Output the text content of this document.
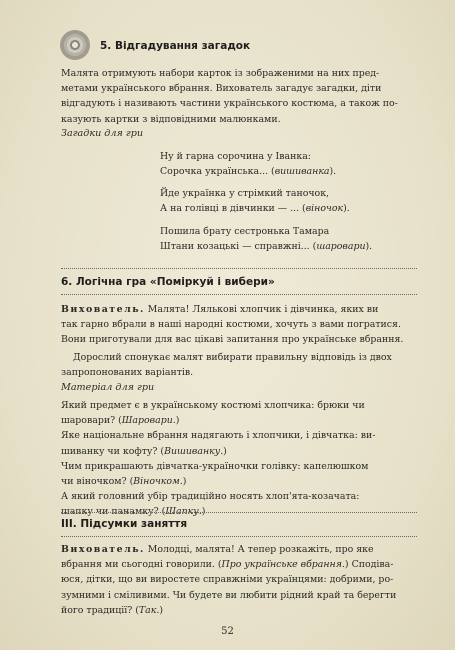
5. Відгадування загадок
Малята отримують набори карток із зображеними на них пред-
метами українського вбрання. Вихователь загадує загадки, діти
відгадують і називають частини українського костюма, а також по-
казують картки з відповідними малюнками.
Загадки для гри
Ну й гарна сорочина у Іванка:
Сорочка українська... (вишиванка).
Йде українка у стрімкий таночок,
А на голівці в дівчинки — ... (віночок).
Пошила брату сестронька Тамара
Штани козацькі — справжні... (шаровари).
6. Логічна гра «Поміркуй і вибери»
Вихователь. Малята! Лялькові хлопчик і дівчинка, яких ви
так гарно вбрали в наші народні костюми, хочуть з вами погратися.
Вони приготували для вас цікаві запитання про українське вбрання.
Дорослий спонукає малят вибирати правильну відповідь із двох
запропонованих варіантів.
Матеріал для гри
Який предмет є в українському костюмі хлопчика: брюки чи
шаровари? (Шаровари.)
Яке національне вбрання надягають і хлопчики, і дівчатка: ви-
шиванку чи кофту? (Вишиванку.)
Чим прикрашають дівчатка-україночки голівку: капелюшком
чи віночком? (Віночком.)
А який головний убір традиційно носять хлоп'ята-козачата:
шапку чи панамку? (Шапку.)
III. Підсумки заняття
Вихователь. Молодці, малята! А тепер розкажіть, про яке
вбрання ми сьогодні говорили. (Про українське вбрання.) Сподіва-
юся, дітки, що ви виростете справжніми українцями: добрими, ро-
зумними і сміливими. Чи будете ви любити рідний край та берегти
його традиції? (Так.)
52
